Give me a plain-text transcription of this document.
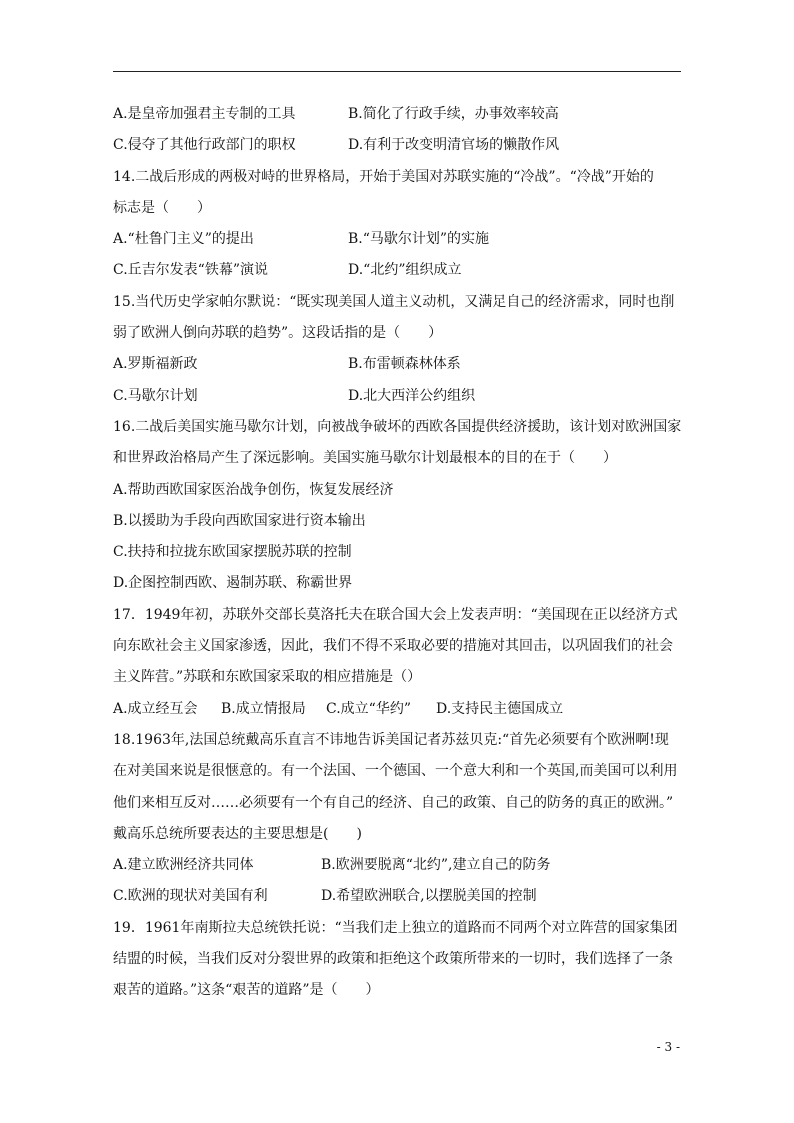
A.是皇帝加强君主专制的工具	B.简化了行政手续，办事效率较高
C.侵夺了其他行政部门的职权	D.有利于改变明清官场的懒散作风
14.二战后形成的两极对峙的世界格局，开始于美国对苏联实施的“冷战”。“冷战”开始的
标志是（　　）
A.“杜鲁门主义”的提出	B.“马歇尔计划”的实施
C.丘吉尔发表“铁幕”演说	D.“北约”组织成立
15.当代历史学家帕尔默说：“既实现美国人道主义动机，又满足自己的经济需求，同时也削
弱了欧洲人倒向苏联的趋势”。这段话指的是（　　）
A.罗斯福新政	B.布雷顿森林体系
C.马歇尔计划	D.北大西洋公约组织
16.二战后美国实施马歇尔计划，向被战争破坏的西欧各国提供经济援助，该计划对欧洲国家
和世界政治格局产生了深远影响。美国实施马歇尔计划最根本的目的在于（　　）
A.帮助西欧国家医治战争创伤，恢复发展经济
B.以援助为手段向西欧国家进行资本输出
C.扶持和拉拢东欧国家摆脱苏联的控制
D.企图控制西欧、遏制苏联、称霸世界
17．1949年初，苏联外交部长莫洛托夫在联合国大会上发表声明：“美国现在正以经济方式
向东欧社会主义国家渗透，因此，我们不得不采取必要的措施对其回击，以巩固我们的社会
主义阵营。”苏联和东欧国家采取的相应措施是（）
A.成立经互会	B.成立情报局	C.成立“华约”	D.支持民主德国成立
18.1963年,法国总统戴高乐直言不讳地告诉美国记者苏兹贝克:“首先必须要有个欧洲啊!现
在对美国来说是很惬意的。有一个法国、一个德国、一个意大利和一个英国,而美国可以利用
他们来相互反对……必须要有一个有自己的经济、自己的政策、自己的防务的真正的欧洲。”
戴高乐总统所要表达的主要思想是(　　)
A.建立欧洲经济共同体	B.欧洲要脱离“北约”,建立自己的防务
C.欧洲的现状对美国有利	D.希望欧洲联合,以摆脱美国的控制
19．1961年南斯拉夫总统铁托说：“当我们走上独立的道路而不同两个对立阵营的国家集团
结盟的时候，当我们反对分裂世界的政策和拒绝这个政策所带来的一切时，我们选择了一条
艰苦的道路。”这条“艰苦的道路”是（　　）
- 3 -
